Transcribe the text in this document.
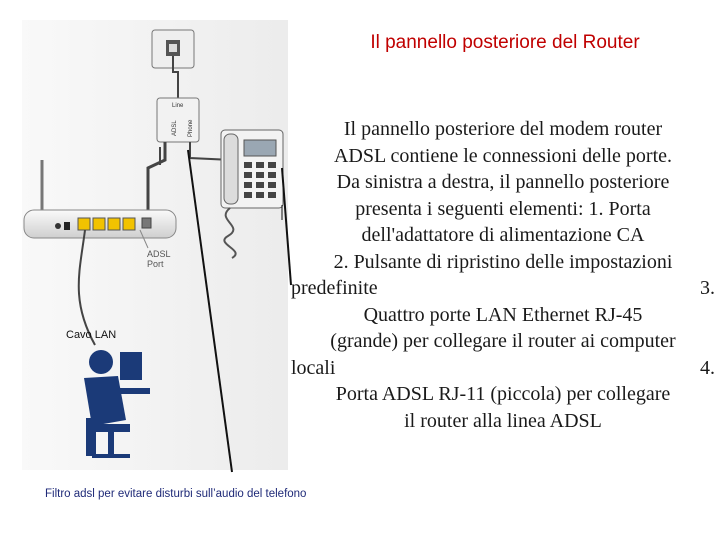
Line
ADSL Phone
ADSL
Port
Il pannello posteriore del Router
Il pannello posteriore del modem router
ADSL contiene le connessioni delle porte.
Da sinistra a destra, il pannello posteriore
presenta i seguenti elementi: 1. Porta
dell'adattatore di alimentazione CA
2. Pulsante di ripristino delle impostazioni
predefinite	3.
Quattro porte LAN Ethernet RJ-45
(grande) per collegare il router ai computer
locali	4.
Porta ADSL RJ-11 (piccola) per collegare
il router alla linea ADSL
Cavo LAN
Filtro adsl per evitare disturbi sull’audio del telefono
